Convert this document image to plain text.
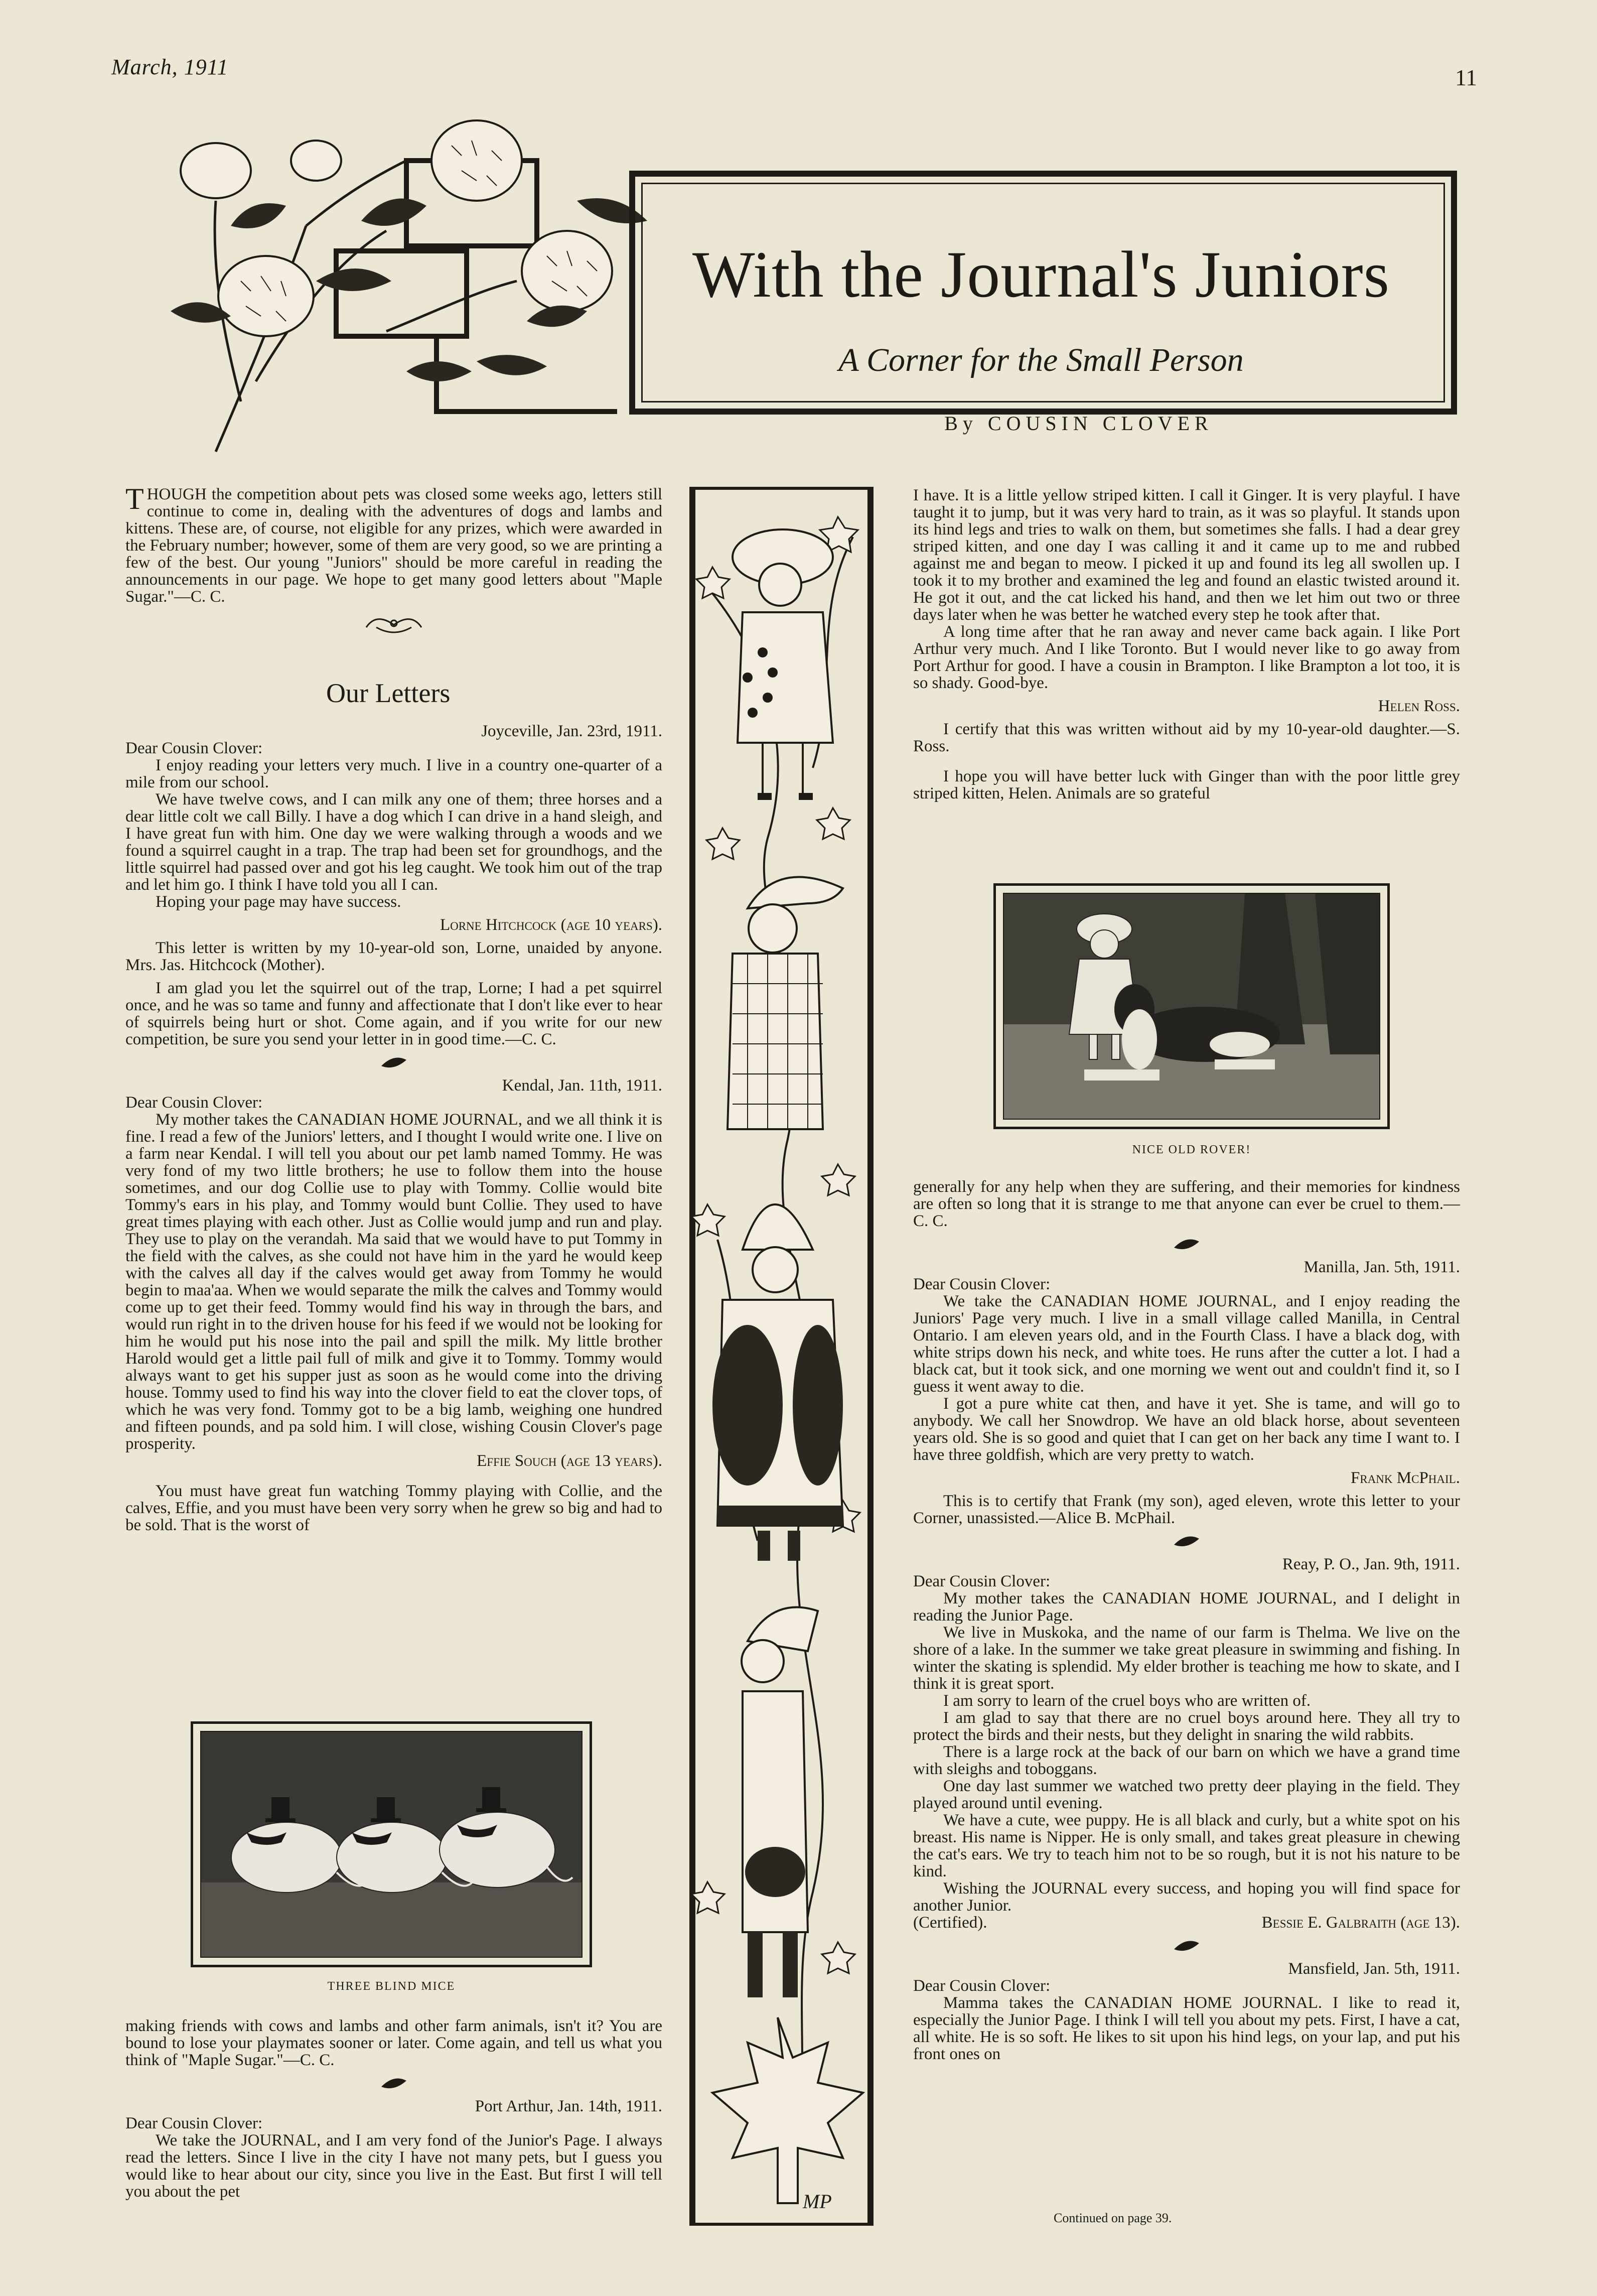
March, 1911	11
With the Journal's Juniors
A Corner for the Small Person
By COUSIN CLOVER

THOUGH the competition about pets was closed some weeks ago, letters still continue to come in, dealing with the adventures of dogs and lambs and kittens. These are, of course, not eligible for any prizes, which were awarded in the February number; however, some of them are very good, so we are printing a few of the best. Our young "Juniors" should be more careful in reading the announcements in our page. We hope to get many good letters about "Maple Sugar."—C. C.

Our Letters

Joyceville, Jan. 23rd, 1911.

Dear Cousin Clover:

I enjoy reading your letters very much. I live in a country one-quarter of a mile from our school.

We have twelve cows, and I can milk any one of them; three horses and a dear little colt we call Billy. I have a dog which I can drive in a hand sleigh, and I have great fun with him. One day we were walking through a woods and we found a squirrel caught in a trap. The trap had been set for groundhogs, and the little squirrel had passed over and got his leg caught. We took him out of the trap and let him go. I think I have told you all I can.

Hoping your page may have success.

Lorne Hitchcock (age 10 years).

This letter is written by my 10-year-old son, Lorne, unaided by anyone. Mrs. Jas. Hitchcock (Mother).

I am glad you let the squirrel out of the trap, Lorne; I had a pet squirrel once, and he was so tame and funny and affectionate that I don't like ever to hear of squirrels being hurt or shot. Come again, and if you write for our new competition, be sure you send your letter in in good time.—C. C.

Kendal, Jan. 11th, 1911.

Dear Cousin Clover:

My mother takes the CANADIAN HOME JOURNAL, and we all think it is fine. I read a few of the Juniors' letters, and I thought I would write one. I live on a farm near Kendal. I will tell you about our pet lamb named Tommy. He was very fond of my two little brothers; he use to follow them into the house sometimes, and our dog Collie use to play with Tommy. Collie would bite Tommy's ears in his play, and Tommy would bunt Collie. They used to have great times playing with each other. Just as Collie would jump and run and play. They use to play on the verandah. Ma said that we would have to put Tommy in the field with the calves, as she could not have him in the yard he would keep with the calves all day if the calves would get away from Tommy he would begin to maa'aa. When we would separate the milk the calves and Tommy would come up to get their feed. Tommy would find his way in through the bars, and would run right in to the driven house for his feed if we would not be looking for him he would put his nose into the pail and spill the milk. My little brother Harold would get a little pail full of milk and give it to Tommy. Tommy would always want to get his supper just as soon as he would come into the driving house. Tommy used to find his way into the clover field to eat the clover tops, of which he was very fond. Tommy got to be a big lamb, weighing one hundred and fifteen pounds, and pa sold him. I will close, wishing Cousin Clover's page prosperity.

Effie Souch (age 13 years).

You must have great fun watching Tommy playing with Collie, and the calves, Effie, and you must have been very sorry when he grew so big and had to be sold. That is the worst of

THREE BLIND MICE

making friends with cows and lambs and other farm animals, isn't it? You are bound to lose your playmates sooner or later. Come again, and tell us what you think of "Maple Sugar."—C. C.

Port Arthur, Jan. 14th, 1911.

Dear Cousin Clover:

We take the JOURNAL, and I am very fond of the Junior's Page. I always read the letters. Since I live in the city I have not many pets, but I guess you would like to hear about our city, since you live in the East. But first I will tell you about the pet	MP

I have. It is a little yellow striped kitten. I call it Ginger. It is very playful. I have taught it to jump, but it was very hard to train, as it was so playful. It stands upon its hind legs and tries to walk on them, but sometimes she falls. I had a dear grey striped kitten, and one day I was calling it and it came up to me and rubbed against me and began to meow. I picked it up and found its leg all swollen up. I took it to my brother and examined the leg and found an elastic twisted around it. He got it out, and the cat licked his hand, and then we let him out two or three days later when he was better he watched every step he took after that.

A long time after that he ran away and never came back again. I like Port Arthur very much. And I like Toronto. But I would never like to go away from Port Arthur for good. I have a cousin in Brampton. I like Brampton a lot too, it is so shady. Good-bye.

Helen Ross.

I certify that this was written without aid by my 10-year-old daughter.—S. Ross.

I hope you will have better luck with Ginger than with the poor little grey striped kitten, Helen. Animals are so grateful

NICE OLD ROVER!

generally for any help when they are suffering, and their memories for kindness are often so long that it is strange to me that anyone can ever be cruel to them.—C. C.

Manilla, Jan. 5th, 1911.

Dear Cousin Clover:

We take the CANADIAN HOME JOURNAL, and I enjoy reading the Juniors' Page very much. I live in a small village called Manilla, in Central Ontario. I am eleven years old, and in the Fourth Class. I have a black dog, with white strips down his neck, and white toes. He runs after the cutter a lot. I had a black cat, but it took sick, and one morning we went out and couldn't find it, so I guess it went away to die.

I got a pure white cat then, and have it yet. She is tame, and will go to anybody. We call her Snowdrop. We have an old black horse, about seventeen years old. She is so good and quiet that I can get on her back any time I want to. I have three goldfish, which are very pretty to watch.

Frank McPhail.

This is to certify that Frank (my son), aged eleven, wrote this letter to your Corner, unassisted.—Alice B. McPhail.

Reay, P. O., Jan. 9th, 1911.

Dear Cousin Clover:

My mother takes the CANADIAN HOME JOURNAL, and I delight in reading the Junior Page.

We live in Muskoka, and the name of our farm is Thelma. We live on the shore of a lake. In the summer we take great pleasure in swimming and fishing. In winter the skating is splendid. My elder brother is teaching me how to skate, and I think it is great sport.

I am sorry to learn of the cruel boys who are written of.

I am glad to say that there are no cruel boys around here. They all try to protect the birds and their nests, but they delight in snaring the wild rabbits.

There is a large rock at the back of our barn on which we have a grand time with sleighs and toboggans.

One day last summer we watched two pretty deer playing in the field. They played around until evening.

We have a cute, wee puppy. He is all black and curly, but a white spot on his breast. His name is Nipper. He is only small, and takes great pleasure in chewing the cat's ears. We try to teach him not to be so rough, but it is not his nature to be kind.

Wishing the JOURNAL every success, and hoping you will find space for another Junior.

(Certified).	Bessie E. Galbraith (age 13).

Mansfield, Jan. 5th, 1911.

Dear Cousin Clover:

Mamma takes the CANADIAN HOME JOURNAL. I like to read it, especially the Junior Page. I think I will tell you about my pets. First, I have a cat, all white. He is so soft. He likes to sit upon his hind legs, on your lap, and put his front ones on

Continued on page 39.
